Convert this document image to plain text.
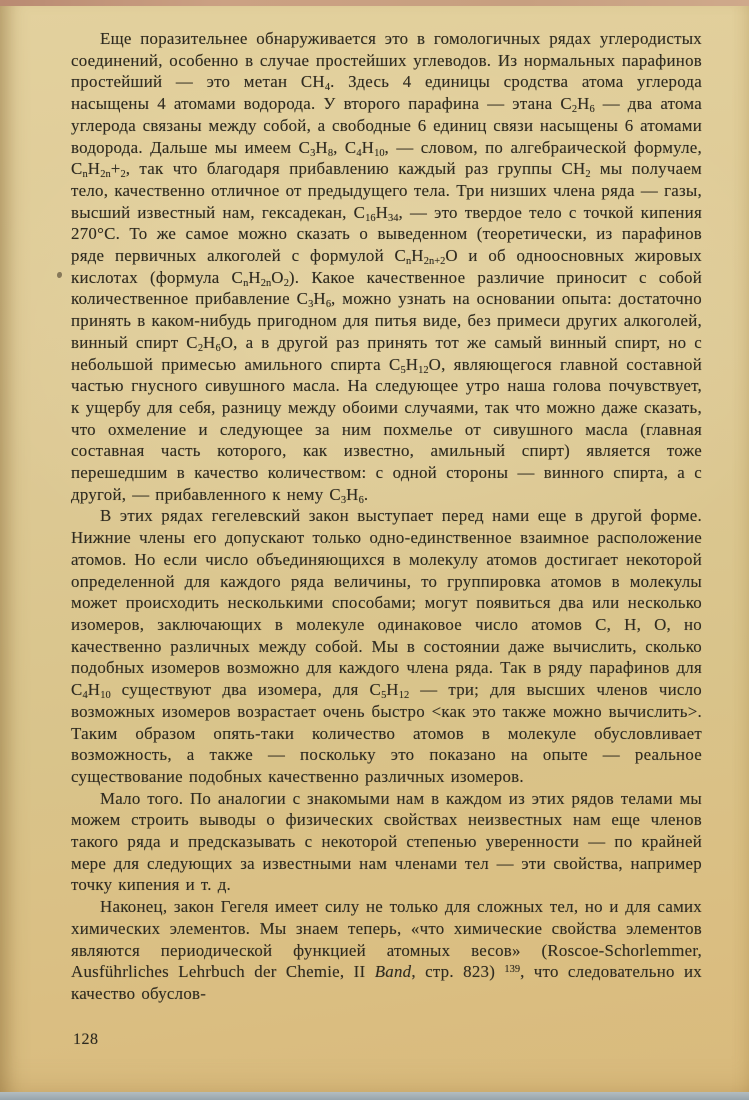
Еще поразительнее обнаруживается это в гомологичных рядах углеродистых соединений, особенно в случае простейших углеводов. Из нормальных парафинов простейший — это метан $CH_4$. Здесь 4 единицы сродства атома углерода насыщены 4 атомами водорода. У второго парафина — этана $C_2H_6$ — два атома углерода связаны между собой, а свободные 6 единиц связи насыщены 6 атомами водорода. Дальше мы имеем $C_3H_8$, $C_4H_{10}$, — словом, по алгебраической формуле, $C_nH_{2n}+_2$, так что благодаря прибавлению каждый раз группы $CH_2$ мы получаем тело, качественно отличное от предыдущего тела. Три низших члена ряда — газы, высший известный нам, гексадекан, $C_{16}H_{34}$, — это твердое тело с точкой кипения 270°C. То же самое можно сказать о выведенном (теоретически, из парафинов ряде первичных алкоголей с формулой $C_nH_{2n+2}O$ и об одноосновных жировых кислотах (формула $C_nH_{2n}O_2$). Какое качественное различие приносит с собой количественное прибавление $C_3H_6$, можно узнать на основании опыта: достаточно принять в каком-нибудь пригодном для питья виде, без примеси других алкоголей, винный спирт $C_2H_6O$, а в другой раз принять тот же самый винный спирт, но с небольшой примесью амильного спирта $C_5H_{12}O$, являющегося главной составной частью гнусного сивушного масла. На следующее утро наша голова почувствует, к ущербу для себя, разницу между обоими случаями, так что можно даже сказать, что охмеление и следующее за ним похмелье от сивушного масла (главная составная часть которого, как известно, амильный спирт) является тоже перешедшим в качество количеством: с одной стороны — винного спирта, а с другой, — прибавленного к нему $C_3H_6$.

В этих рядах гегелевский закон выступает перед нами еще в другой форме. Нижние члены его допускают только одно-единственное взаимное расположение атомов. Но если число объединяющихся в молекулу атомов достигает некоторой определенной для каждого ряда величины, то группировка атомов в молекулы может происходить несколькими способами; могут появиться два или несколько изомеров, заключающих в молекуле одинаковое число атомов C, H, O, но качественно различных между собой. Мы в состоянии даже вычислить, сколько подобных изомеров возможно для каждого члена ряда. Так в ряду парафинов для $C_4H_{10}$ существуют два изомера, для $C_5H_{12}$ — три; для высших членов число возможных изомеров возрастает очень быстро <как это также можно вычислить>. Таким образом опять-таки количество атомов в молекуле обусловливает возможность, а также — поскольку это показано на опыте — реальное существование подобных качественно различных изомеров.

Мало того. По аналогии с знакомыми нам в каждом из этих рядов телами мы можем строить выводы о физических свойствах неизвестных нам еще членов такого ряда и предсказывать с некоторой степенью уверенности — по крайней мере для следующих за известными нам членами тел — эти свойства, например точку кипения и т. д.

Наконец, закон Гегеля имеет силу не только для сложных тел, но и для самих химических элементов. Мы знаем теперь, «что химические свойства элементов являются периодической функцией атомных весов» (Roscoe-Schorlemmer, Ausführliches Lehrbuch der Chemie, II Band, стр. 823) $^{139}$, что следовательно их качество обуслов-

128
